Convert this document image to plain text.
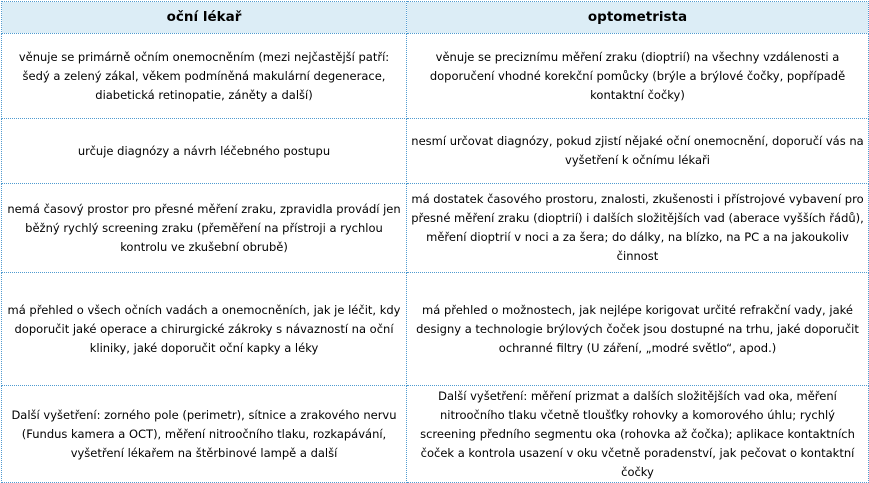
oční lékař	optometrista
věnuje se primárně očním onemocněním (mezi nejčastější patří: šedý a zelený zákal, věkem podmíněná makulární degenerace, diabetická retinopatie, záněty a další)	věnuje se preciznímu měření zraku (dioptrií) na všechny vzdálenosti a doporučení vhodné korekční pomůcky (brýle a brýlové čočky, popřípadě kontaktní čočky)
určuje diagnózy a návrh léčebného postupu	nesmí určovat diagnózy, pokud zjistí nějaké oční onemocnění, doporučí vás na vyšetření k očnímu lékaři
nemá časový prostor pro přesné měření zraku, zpravidla provádí jen běžný rychlý screening zraku (přeměření na přístroji a rychlou kontrolu ve zkušební obrubě)	má dostatek časového prostoru, znalosti, zkušenosti i přístrojové vybavení pro přesné měření zraku (dioptrií) i dalších složitějších vad (aberace vyšších řádů), měření dioptrií v noci a za šera; do dálky, na blízko, na PC a na jakoukoliv činnost
má přehled o všech očních vadách a onemocněních, jak je léčit, kdy doporučit jaké operace a chirurgické zákroky s návazností na oční kliniky, jaké doporučit oční kapky a léky	má přehled o možnostech, jak nejlépe korigovat určité refrakční vady, jaké designy a technologie brýlových čoček jsou dostupné na trhu, jaké doporučit ochranné filtry (U záření, „modré světlo“, apod.)
Další vyšetření: zorného pole (perimetr), sítnice a zrakového nervu (Fundus kamera a OCT), měření nitroočního tlaku, rozkapávání, vyšetření lékařem na štěrbinové lampě a další	Další vyšetření: měření prizmat a dalších složitějších vad oka, měření nitroočního tlaku včetně tloušťky rohovky a komorového úhlu; rychlý screening předního segmentu oka (rohovka až čočka); aplikace kontaktních čoček a kontrola usazení v oku včetně poradenství, jak pečovat o kontaktní čočky
